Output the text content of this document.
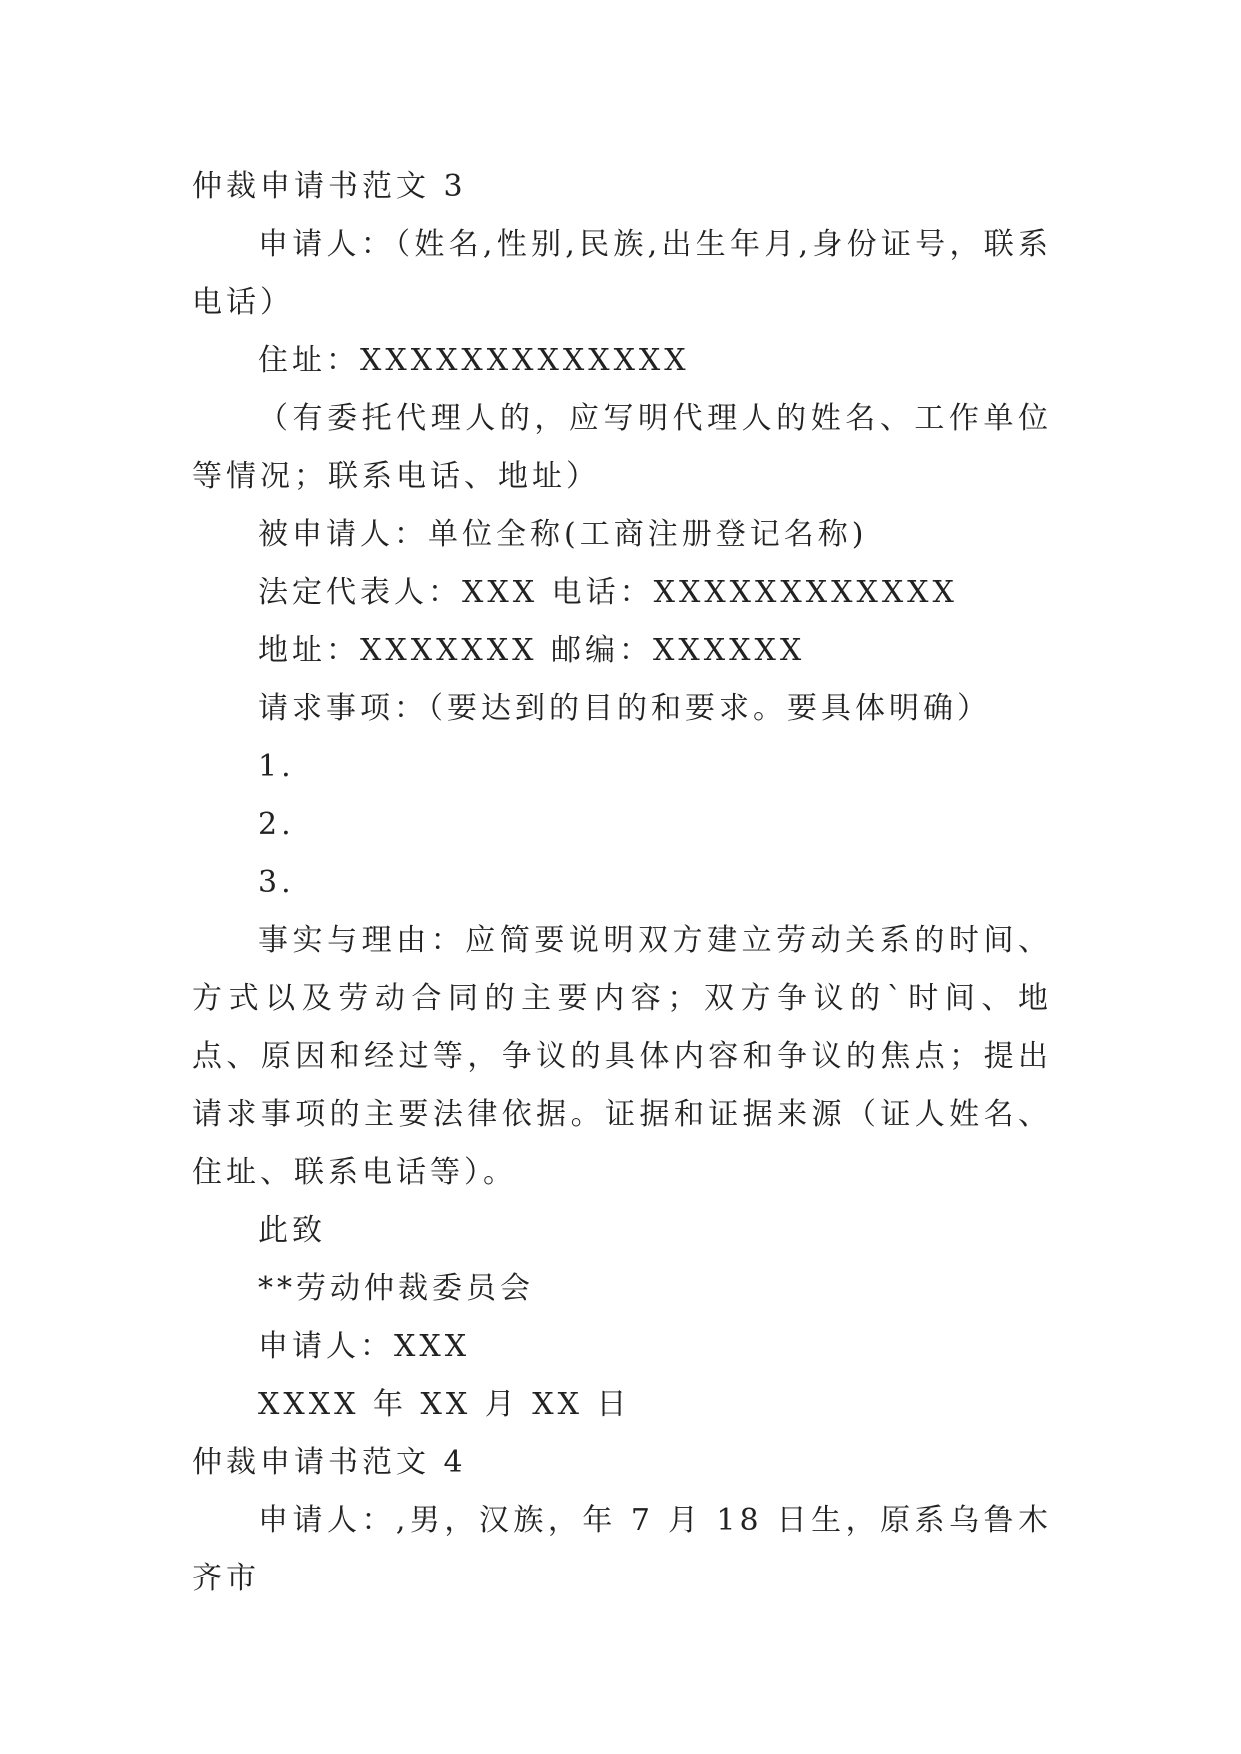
仲裁申请书范文 3
申请人：（姓名,性别,民族,出生年月,身份证号，联系电话）
住址：XXXXXXXXXXXXX
（有委托代理人的，应写明代理人的姓名、工作单位等情况；联系电话、地址）
被申请人：单位全称(工商注册登记名称)
法定代表人：XXX 电话：XXXXXXXXXXXX
地址：XXXXXXX 邮编：XXXXXX
请求事项：（要达到的目的和要求。要具体明确）
1.
2.
3.
事实与理由：应简要说明双方建立劳动关系的时间、方式以及劳动合同的主要内容；双方争议的`时间、地点、原因和经过等，争议的具体内容和争议的焦点；提出请求事项的主要法律依据。证据和证据来源（证人姓名、住址、联系电话等）。
此致
**劳动仲裁委员会
申请人：XXX
XXXX 年 XX 月 XX 日
仲裁申请书范文 4
申请人：,男，汉族，年 7 月 18 日生，原系乌鲁木齐市
